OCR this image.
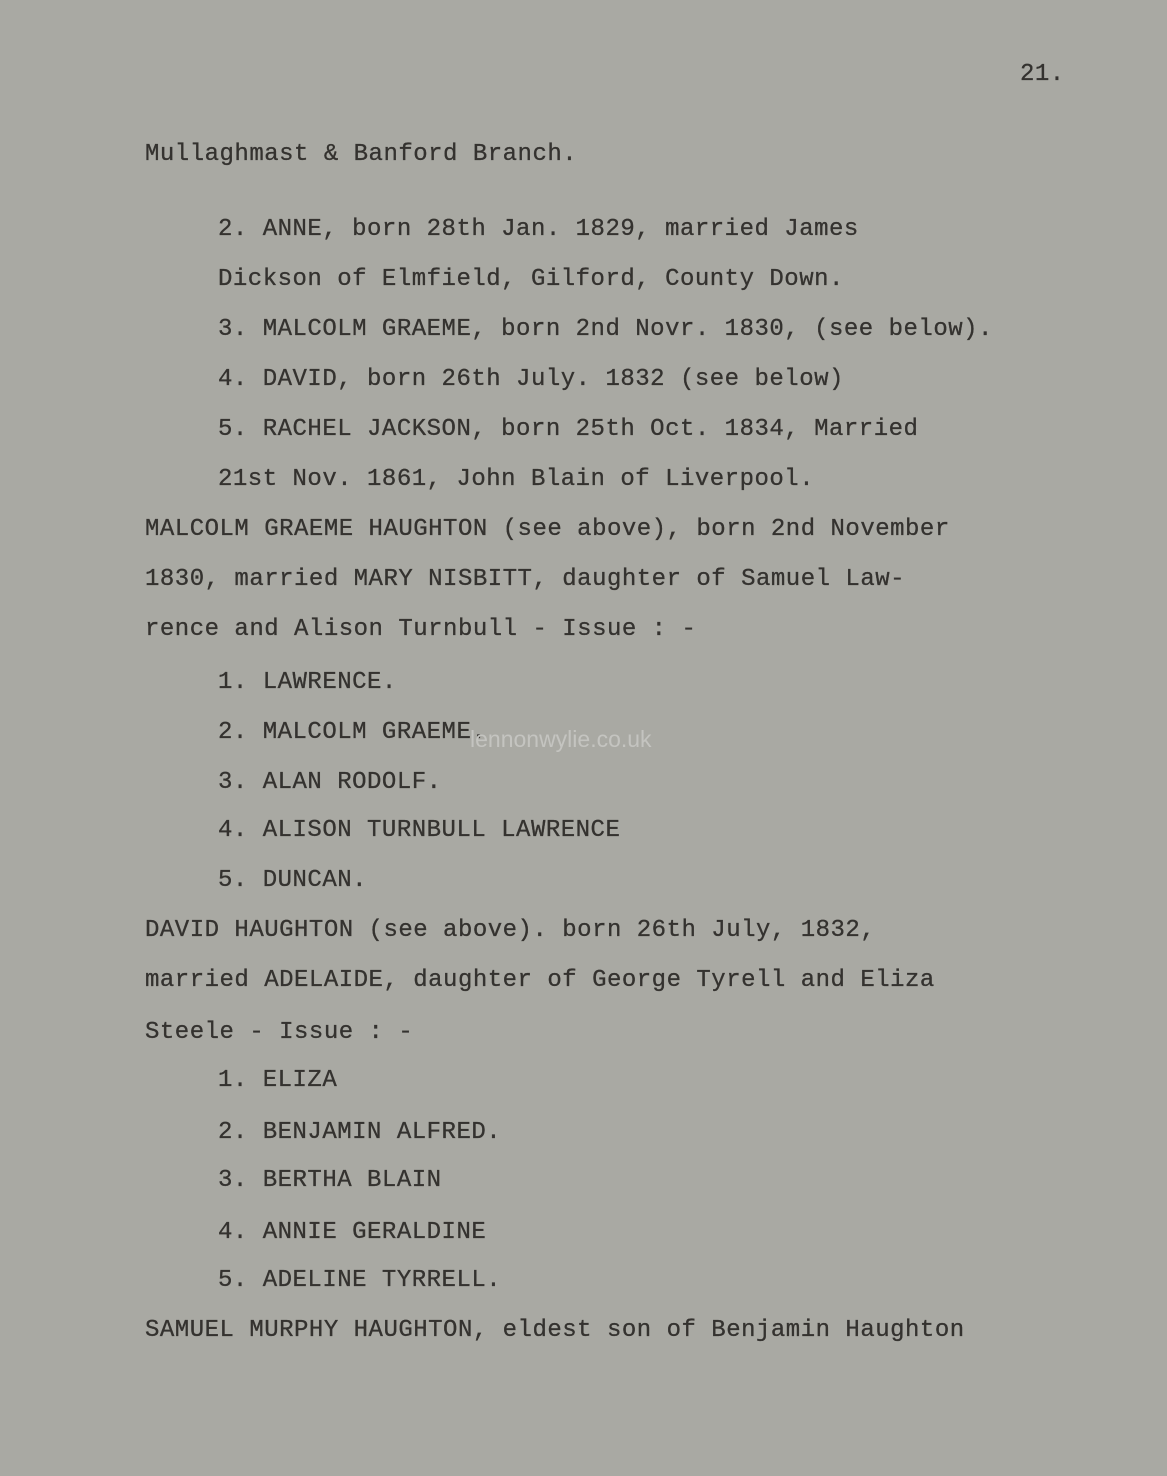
21.
Mullaghmast & Banford Branch.
2. ANNE, born 28th Jan. 1829, married James
Dickson of Elmfield, Gilford, County Down.
3. MALCOLM GRAEME, born 2nd Novr. 1830, (see below).
4. DAVID, born 26th July. 1832 (see below)
5. RACHEL JACKSON, born 25th Oct. 1834, Married
21st Nov. 1861, John Blain of Liverpool.
MALCOLM GRAEME HAUGHTON (see above), born 2nd November
1830, married MARY NISBITT, daughter of Samuel Law-
rence and Alison Turnbull - Issue : -
1. LAWRENCE.
2. MALCOLM GRAEME.
3. ALAN RODOLF.
4. ALISON TURNBULL LAWRENCE
5. DUNCAN.
DAVID HAUGHTON (see above). born 26th July, 1832,
married ADELAIDE, daughter of George Tyrell and Eliza
Steele - Issue : -
1. ELIZA
2. BENJAMIN ALFRED.
3. BERTHA BLAIN
4. ANNIE GERALDINE
5. ADELINE TYRRELL.
SAMUEL MURPHY HAUGHTON, eldest son of Benjamin Haughton
lennonwylie.co.uk
